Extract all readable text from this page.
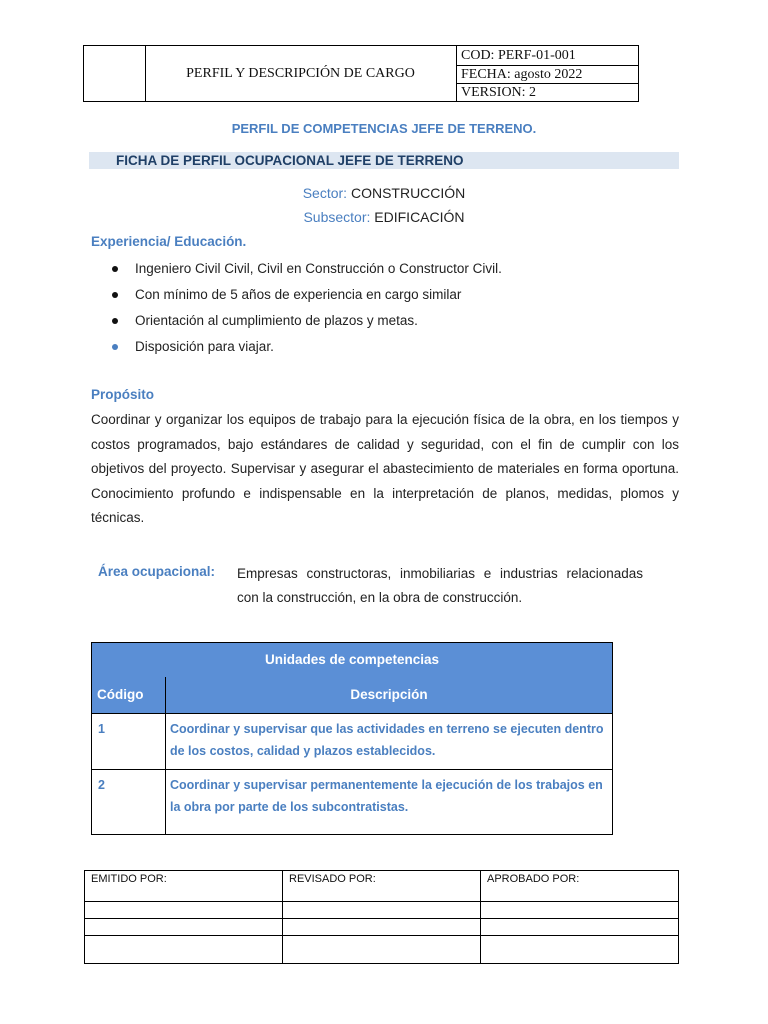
PERFIL Y DESCRIPCIÓN DE CARGO
COD: PERF-01-001
FECHA: agosto 2022
VERSION: 2
PERFIL DE COMPETENCIAS JEFE DE TERRENO.
FICHA DE PERFIL OCUPACIONAL JEFE DE TERRENO
Sector: CONSTRUCCIÓN
Subsector: EDIFICACIÓN
Experiencia/ Educación.
Ingeniero Civil Civil, Civil en Construcción o Constructor Civil.
Con mínimo de 5 años de experiencia en cargo similar
Orientación al cumplimiento de plazos y metas.
Disposición para viajar.
Propósito
Coordinar y organizar los equipos de trabajo para la ejecución física de la obra, en los tiempos y costos programados, bajo estándares de calidad y seguridad, con el fin de cumplir con los objetivos del proyecto. Supervisar y asegurar el abastecimiento de materiales en forma oportuna. Conocimiento profundo e indispensable en la interpretación de planos, medidas, plomos y técnicas.
Área ocupacional: Empresas constructoras, inmobiliarias e industrias relacionadas con la construcción, en la obra de construcción.
Unidades de competencias	
Código	Descripción
1	Coordinar y supervisar que las actividades en terreno se ejecuten dentro de los costos, calidad y plazos establecidos.
2	Coordinar y supervisar permanentemente la ejecución de los trabajos en la obra por parte de los subcontratistas.
EMITIDO POR:	REVISADO POR:	APROBADO POR:
